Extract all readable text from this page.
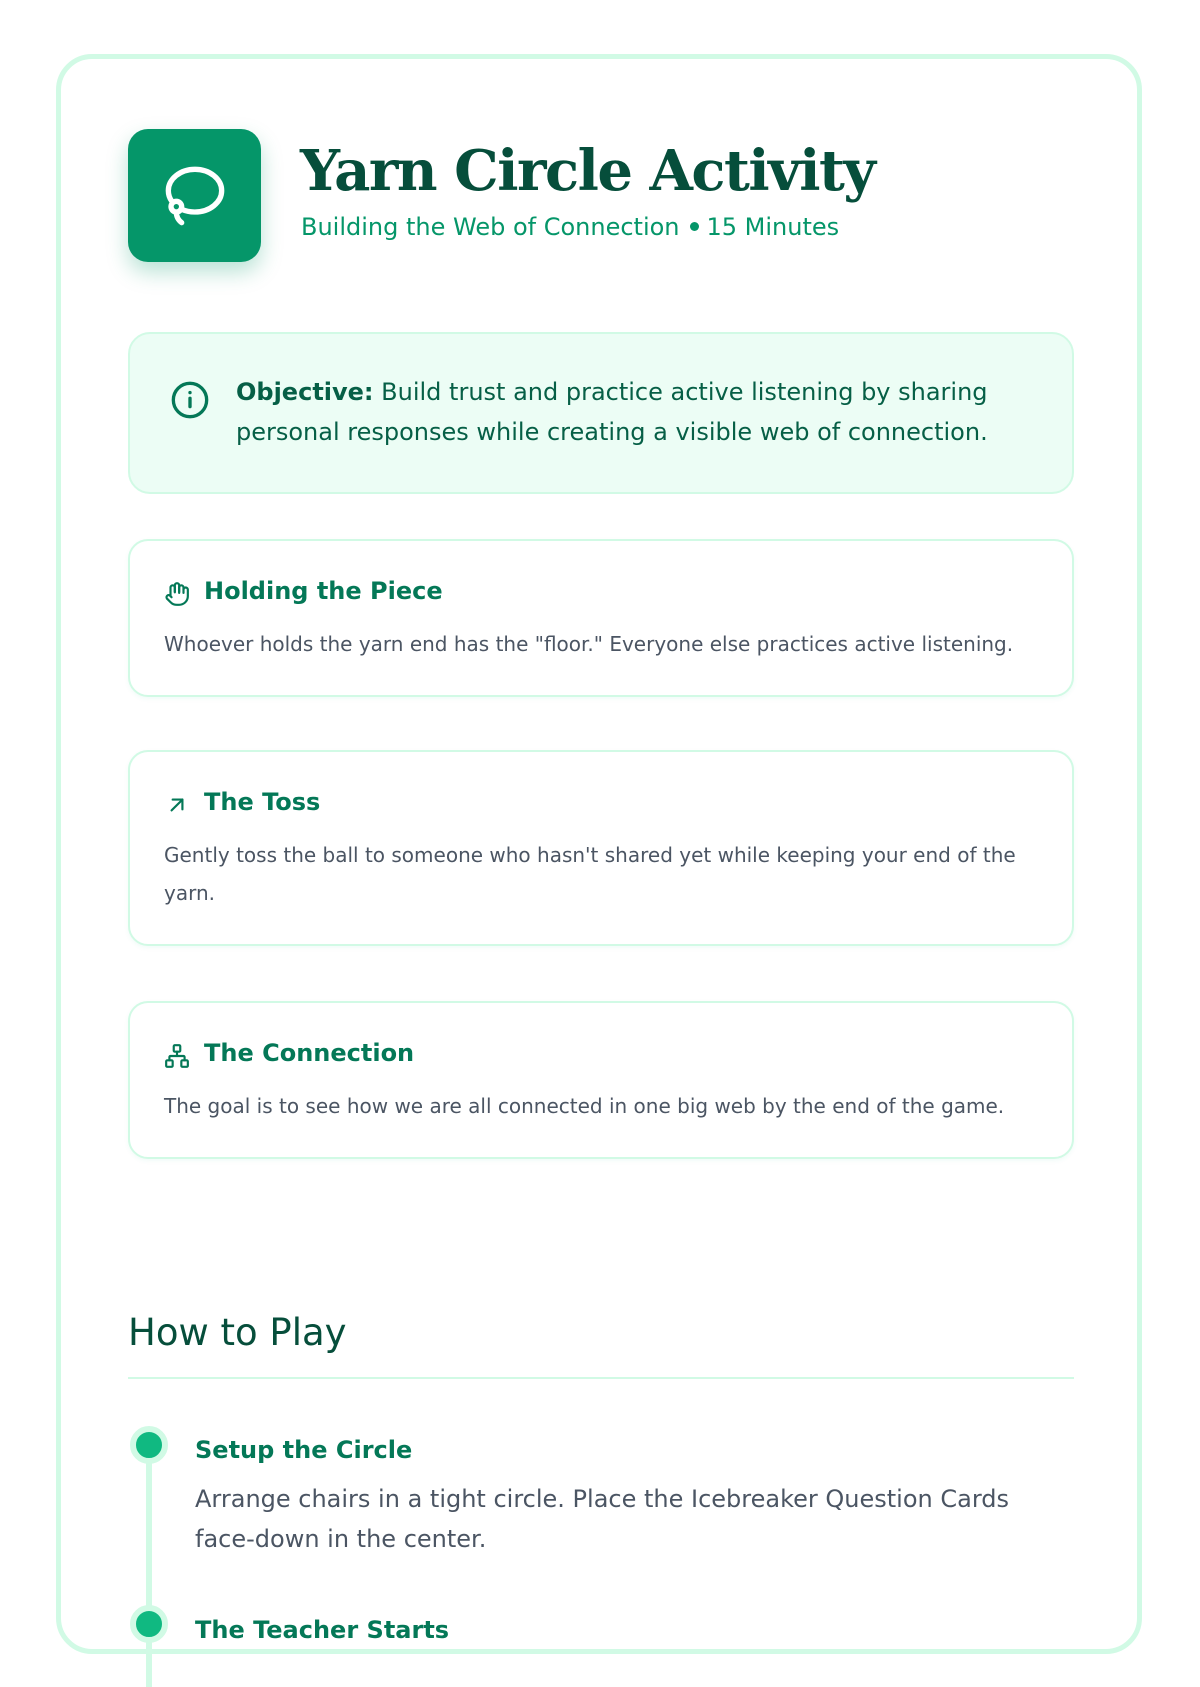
Yarn Circle Activity
Building the Web of Connection 15 Minutes
Objective: Build trust and practice active listening by sharing personal responses while creating a visible web of connection.
Holding the Piece
Whoever holds the yarn end has the "floor." Everyone else practices active listening.
The Toss
Gently toss the ball to someone who hasn't shared yet while keeping your end of the yarn.
The Connection
The goal is to see how we are all connected in one big web by the end of the game.
How to Play
Setup the Circle
Arrange chairs in a tight circle. Place the Icebreaker Question Cards face-down in the center.
The Teacher Starts
